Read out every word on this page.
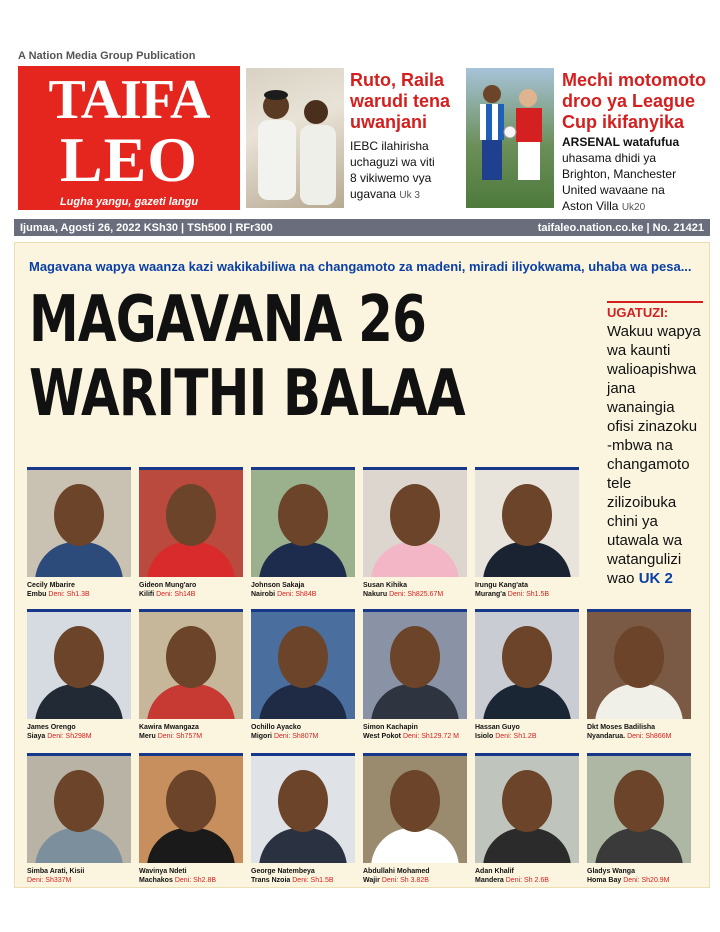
A Nation Media Group Publication
TAIFA
LEO
Lugha yangu, gazeti langu
Ruto, Raila
warudi tena
uwanjani
IEBC ilahirisha
uchaguzi wa viti
8 vikiwemo vya
ugavana Uk 3
Mechi motomoto
droo ya League
Cup ikifanyika
ARSENAL watafufua
uhasama dhidi ya
Brighton, Manchester
United wavaane na
Aston Villa Uk20
Ijumaa, Agosti 26, 2022 KSh30 | TSh500 | RFr300	taifaleo.nation.co.ke | No. 21421
Magavana wapya waanza kazi wakikabiliwa na changamoto za madeni, miradi iliyokwama, uhaba wa pesa...
MAGAVANA 26
WARITHI BALAA
UGATUZI:
Wakuu wapya wa kaunti walioapishwa jana wanaingia ofisi zinazoku -mbwa na changamoto tele zilizoibuka chini ya utawala wa watangulizi wao UK 2
Cecily Mbarire
Embu Deni: Sh1.3B
Gideon Mung'aro
Kilifi Deni: Sh14B
Johnson Sakaja
Nairobi Deni: Sh84B
Susan Kihika
Nakuru Deni: Sh825.67M
Irungu Kang'ata
Murang'a Deni: Sh1.5B
James Orengo
Siaya Deni: Sh298M
Kawira Mwangaza
Meru Deni: Sh757M
Ochillo Ayacko
Migori Deni: Sh807M
Simon Kachapin
West Pokot Deni: Sh129.72 M
Hassan Guyo
Isiolo Deni: Sh1.2B
Dkt Moses Badilisha
Nyandarua. Deni: Sh866M
Simba Arati, Kisii
Deni: Sh337M
Wavinya Ndeti
Machakos Deni: Sh2.8B
George Natembeya
Trans Nzoia Deni: Sh1.5B
Abdullahi Mohamed
Wajir Deni: Sh 3.82B
Adan Khalif
Mandera Deni: Sh 2.6B
Gladys Wanga
Homa Bay Deni: Sh20.9M
